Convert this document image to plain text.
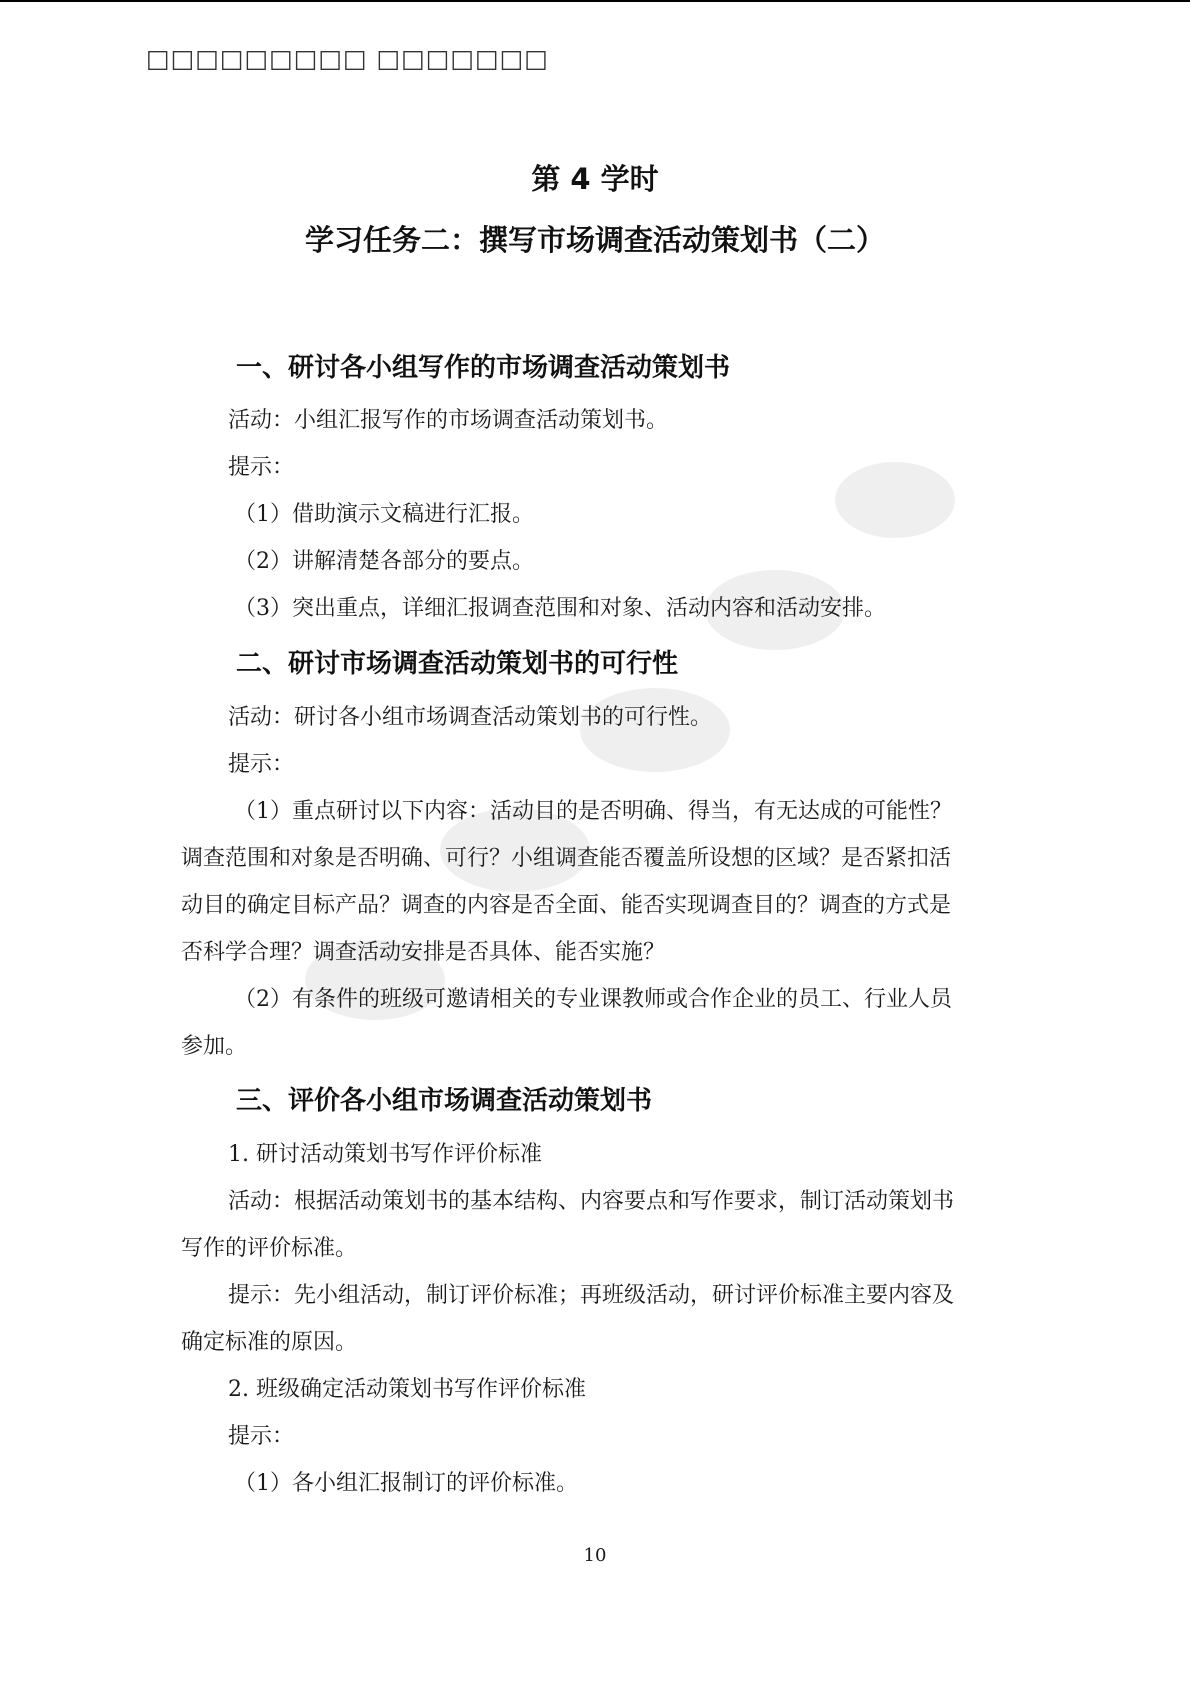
□□□□□□□□□ □□□□□□□
第 4 学时
学习任务二：撰写市场调查活动策划书（二）
一、研讨各小组写作的市场调查活动策划书
活动：小组汇报写作的市场调查活动策划书。
提示：
（1）借助演示文稿进行汇报。
（2）讲解清楚各部分的要点。
（3）突出重点，详细汇报调查范围和对象、活动内容和活动安排。
二、研讨市场调查活动策划书的可行性
活动：研讨各小组市场调查活动策划书的可行性。
提示：
（1）重点研讨以下内容：活动目的是否明确、得当，有无达成的可能性？
调查范围和对象是否明确、可行？小组调查能否覆盖所设想的区域？是否紧扣活
动目的确定目标产品？调查的内容是否全面、能否实现调查目的？调查的方式是
否科学合理？调查活动安排是否具体、能否实施？
（2）有条件的班级可邀请相关的专业课教师或合作企业的员工、行业人员
参加。
三、评价各小组市场调查活动策划书
1. 研讨活动策划书写作评价标准
活动：根据活动策划书的基本结构、内容要点和写作要求，制订活动策划书
写作的评价标准。
提示：先小组活动，制订评价标准；再班级活动，研讨评价标准主要内容及
确定标准的原因。
2. 班级确定活动策划书写作评价标准
提示：
（1）各小组汇报制订的评价标准。
10
